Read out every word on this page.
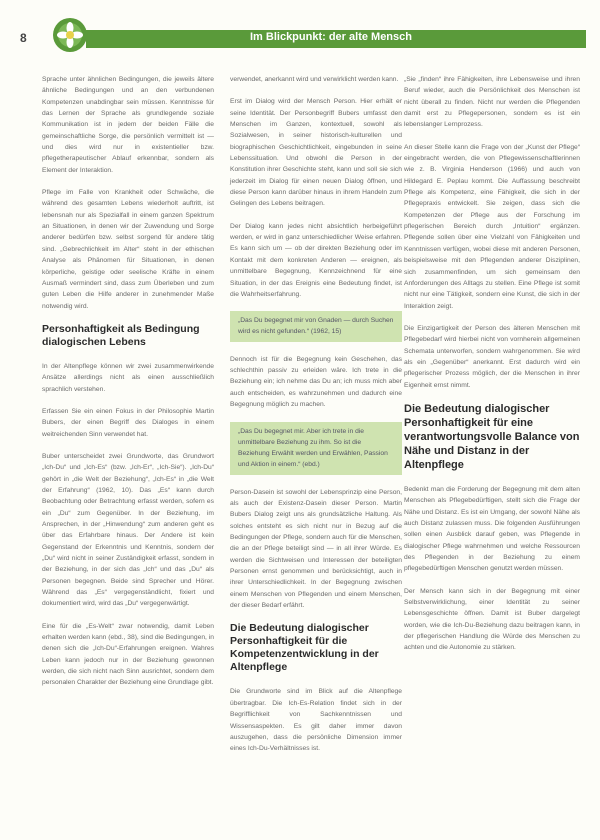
8	Im Blickpunkt: der alte Mensch

Sprache unter ähnlichen Bedingungen, die jeweils ältere ähnliche Bedingungen und an den verbundenen Kompetenzen unabdingbar sein müssen. Kenntnisse für das Lernen der Sprache als grundlegende soziale Kommunikation ist in jedem der beiden Fälle die gemeinschaftliche Sorge, die persönlich vermittelt ist — und dies wird nur in existentieller bzw. pflegetherapeutischer Ablauf erkennbar, sondern als Element der Interaktion.

Pflege im Falle von Krankheit oder Schwäche, die während des gesamten Lebens wiederholt auftritt, ist lebensnah nur als Spezialfall in einem ganzen Spektrum an Situationen, in denen wir der Zuwendung und Sorge anderer bedürfen bzw. selbst sorgend für andere tätig sind. „Gebrechlichkeit im Alter“ steht in der ethischen Analyse als Phänomen für Situationen, in denen körperliche, geistige oder seelische Kräfte in einem Ausmaß vermindert sind, dass zum Überleben und zum guten Leben die Hilfe anderer in zunehmender Maße notwendig wird.

Personhaftigkeit als Bedingung dialogischen Lebens

In der Altenpflege können wir zwei zusammenwirkende Ansätze allerdings nicht als einen ausschließlich sprachlich verstehen.

Erfassen Sie ein einen Fokus in der Philosophie Martin Bubers, der einen Begriff des Dialoges in einem weitreichenden Sinn verwendet hat.

Buber unterscheidet zwei Grundworte, das Grundwort „Ich-Du“ und „Ich-Es“ (bzw. „Ich-Er“, „Ich-Sie“). „Ich-Du“ gehört in „die Welt der Beziehung“, „Ich-Es“ in „die Welt der Erfahrung“ (1962, 10). Das „Es“ kann durch Beobachtung oder Betrachtung erfasst werden, sofern es ein „Du“ zum Gegenüber. In der Beziehung, im Ansprechen, in der „Hinwendung“ zum anderen geht es über das Erfahrbare hinaus. Der Andere ist kein Gegenstand der Erkenntnis und Kenntnis, sondern der „Du“ wird nicht in seiner Zuständigkeit erfasst, sondern in der Beziehung, in der sich das „Ich“ und das „Du“ als Personen begegnen. Beide sind Sprecher und Hörer. Während das „Es“ vergegenständlicht, fixiert und dokumentiert wird, wird das „Du“ vergegenwärtigt.

Eine für die „Es-Welt“ zwar notwendig, damit Leben erhalten werden kann (ebd., 38), sind die Bedingungen, in denen sich die „Ich-Du“-Erfahrungen ereignen. Wahres Leben kann jedoch nur in der Beziehung gewonnen werden, die sich nicht nach Sinn ausrichtet, sondern dem personalen Charakter der Beziehung eine Grundlage gibt.

verwendet, anerkannt wird und verwirklicht werden kann.

Erst im Dialog wird der Mensch Person. Hier erhält er seine Identität. Der Personbegriff Bubers umfasst den Menschen im Ganzen, kontextuell, sowohl als Sozialwesen, in seiner historisch-kulturellen und biographischen Geschichtlichkeit, eingebunden in seine Lebenssituation. Und obwohl die Person in der Konstitution ihrer Geschichte steht, kann und soll sie sich jederzeit im Dialog für einen neuen Dialog öffnen, und diese Person kann darüber hinaus in ihrem Handeln zum Gelingen des Lebens beitragen.

Der Dialog kann jedes nicht absichtlich herbeigeführt werden, er wird in ganz unterschiedlicher Weise erfahren. Es kann sich um — ob der direkten Beziehung oder im Kontakt mit dem konkreten Anderen — ereignen, als unmittelbare Begegnung, Kennzeichnend für eine Situation, in der das Ereignis eine Bedeutung findet, ist die Wahrheitserfahrung.

„Das Du begegnet mir von Gnaden — durch Suchen wird es nicht gefunden.“ (1962, 15)

Dennoch ist für die Begegnung kein Geschehen, das schlechthin passiv zu erleiden wäre. Ich trete in die Beziehung ein; ich nehme das Du an; ich muss mich aber auch entscheiden, es wahrzunehmen und dadurch eine Begegnung möglich zu machen.

„Das Du begegnet mir. Aber ich trete in die unmittelbare Beziehung zu ihm. So ist die Beziehung Erwählt werden und Erwählen, Passion und Aktion in einem.“ (ebd.)

Person-Dasein ist sowohl der Lebensprinzip eine Person, als auch der Existenz-Dasein dieser Person. Martin Bubers Dialog zeigt uns als grundsätzliche Haltung. Als solches entsteht es sich nicht nur in Bezug auf die Bedingungen der Pflege, sondern auch für die Menschen, die an der Pflege beteiligt sind — in all ihrer Würde. Es werden die Sichtweisen und Interessen der beteiligten Personen ernst genommen und berücksichtigt, auch in ihrer Unterschiedlichkeit. In der Begegnung zwischen einem Menschen von Pflegenden und einem Menschen, der dieser Bedarf erfährt.

Die Bedeutung dialogischer Personhaftigkeit für die Kompetenzentwicklung in der Altenpflege

Die Grundworte sind im Blick auf die Altenpflege übertragbar. Die Ich-Es-Relation findet sich in der Begrifflichkeit von Sachkenntnissen und Wissensaspekten. Es gilt daher immer davon auszugehen, dass die persönliche Dimension immer eines Ich-Du-Verhältnisses ist.

„Sie „finden“ ihre Fähigkeiten, ihre Lebensweise und ihren Beruf wieder, auch die Persönlichkeit des Menschen ist nicht überall zu finden. Nicht nur werden die Pflegenden damit erst zu Pflegepersonen, sondern es ist ein lebenslanger Lernprozess.

An dieser Stelle kann die Frage von der „Kunst der Pflege“ eingebracht werden, die von Pflegewissenschaftlerinnen wie z. B. Virginia Henderson (1966) und auch von Hildegard E. Peplau kommt. Die Auffassung beschreibt Pflege als Kompetenz, eine Fähigkeit, die sich in der Pflegepraxis entwickelt. Sie zeigen, dass sich die Kompetenzen der Pflege aus der Forschung im pflegerischen Bereich durch „Intuition“ ergänzen. Pflegende sollen über eine Vielzahl von Fähigkeiten und Kenntnissen verfügen, wobei diese mit anderen Personen, beispielsweise mit den Pflegenden anderer Disziplinen, sich zusammenfinden, um sich gemeinsam den Anforderungen des Alltags zu stellen. Eine Pflege ist somit nicht nur eine Tätigkeit, sondern eine Kunst, die sich in der Interaktion zeigt.

Die Einzigartigkeit der Person des älteren Menschen mit Pflegebedarf wird hierbei nicht von vornherein allgemeinen Schemata unterworfen, sondern wahrgenommen. Sie wird als ein „Gegenüber“ anerkannt. Erst dadurch wird ein pflegerischer Prozess möglich, der die Menschen in ihrer Eigenheit ernst nimmt.

Die Bedeutung dialogischer Personhaftigkeit für eine verantwortungsvolle Balance von Nähe und Distanz in der Altenpflege

Bedenkt man die Forderung der Begegnung mit dem alten Menschen als Pflegebedürftigen, stellt sich die Frage der Nähe und Distanz. Es ist ein Umgang, der sowohl Nähe als auch Distanz zulassen muss. Die folgenden Ausführungen sollen einen Ausblick darauf geben, was Pflegende in dialogischer Pflege wahrnehmen und welche Ressourcen des Pflegenden in der Beziehung zu einem pflegebedürftigen Menschen genutzt werden müssen.

Der Mensch kann sich in der Begegnung mit einer Selbstverwirklichung, einer Identität zu seiner Lebensgeschichte öffnen. Damit ist Buber dargelegt worden, wie die Ich-Du-Beziehung dazu beitragen kann, in der pflegerischen Handlung die Würde des Menschen zu achten und die Autonomie zu stärken.
